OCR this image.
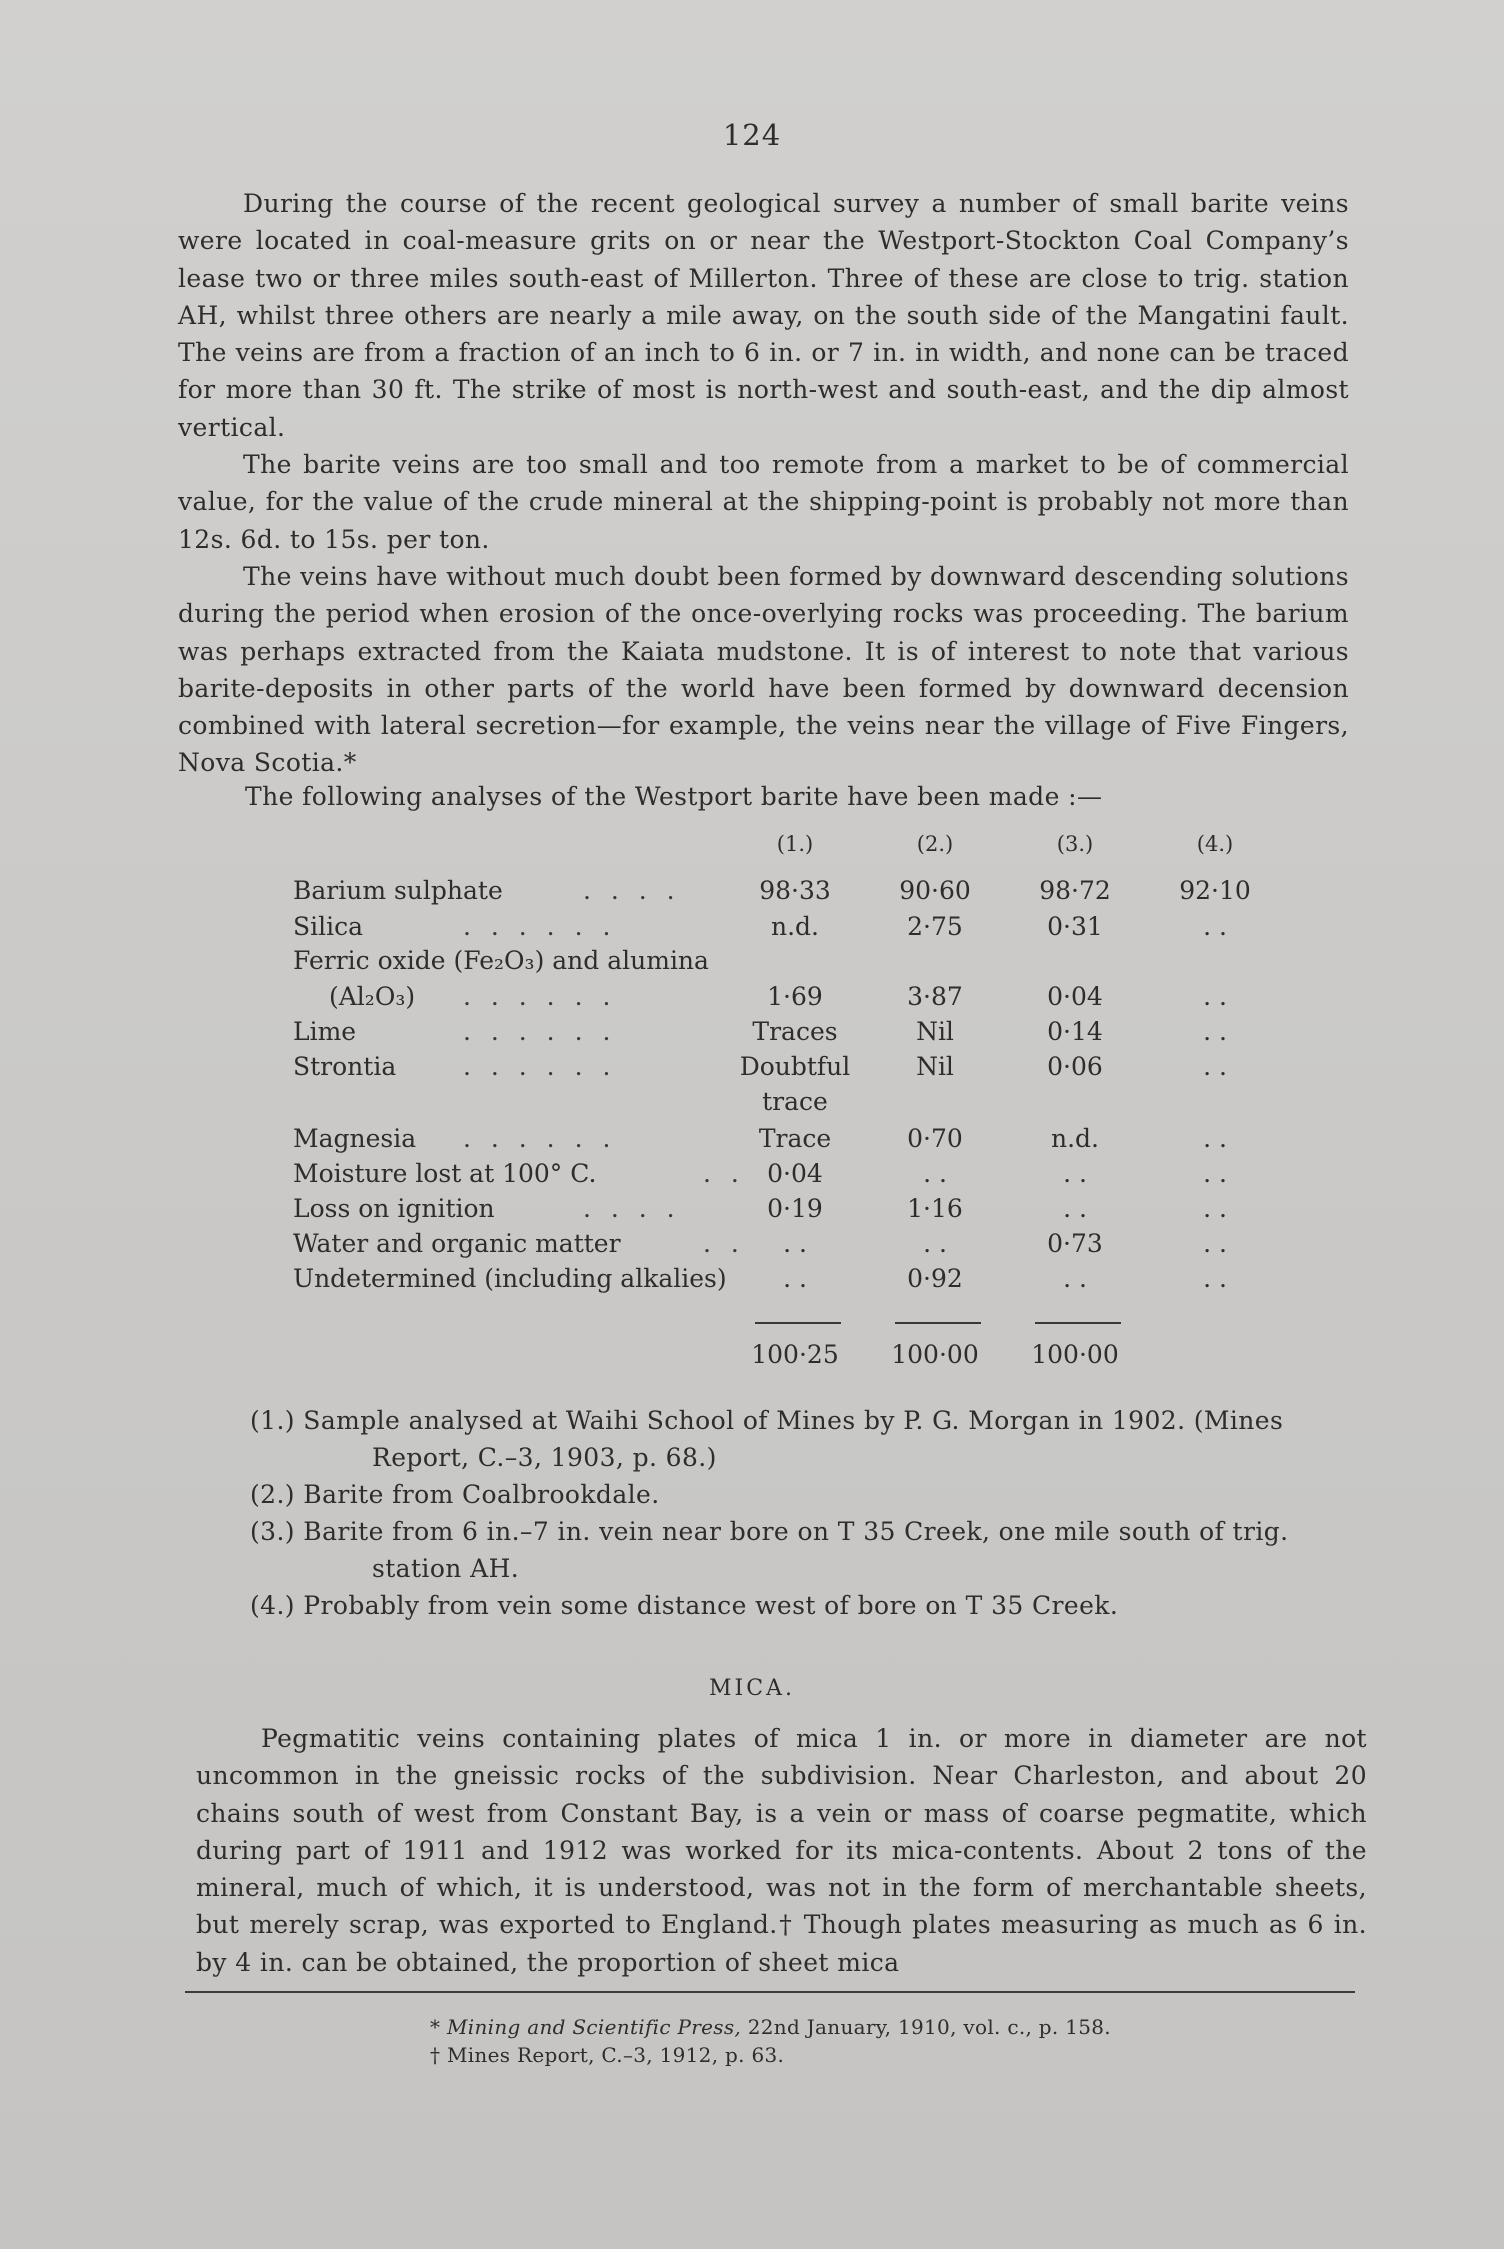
124

During the course of the recent geological survey a number of small barite veins were located in coal-measure grits on or near the Westport-Stockton Coal Company’s lease two or three miles south-east of Millerton. Three of these are close to trig. station AH, whilst three others are nearly a mile away, on the south side of the Mangatini fault. The veins are from a fraction of an inch to 6 in. or 7 in. in width, and none can be traced for more than 30 ft. The strike of most is north-west and south-east, and the dip almost vertical.

The barite veins are too small and too remote from a market to be of commercial value, for the value of the crude mineral at the shipping-point is probably not more than 12s. 6d. to 15s. per ton.

The veins have without much doubt been formed by downward descending solutions during the period when erosion of the once-overlying rocks was proceeding. The barium was perhaps extracted from the Kaiata mudstone. It is of interest to note that various barite-deposits in other parts of the world have been formed by downward decension combined with lateral secretion—for example, the veins near the village of Five Fingers, Nova Scotia.*

The following analyses of the Westport barite have been made :—
(1.)	(2.)	(3.)	(4.)
Barium sulphate	. . . .	98·33	90·60	98·72	92·10
Silica	. . . . . .	n.d.	2·75	0·31	. .
Ferric oxide (Fe₂O₃) and alumina
(Al₂O₃) . . . . . .	1·69	3·87	0·04	. .
Lime	. . . . . .	Traces	Nil	0·14	. .
Strontia	. . . . . .	Doubtful	Nil	0·06	. .
trace
Magnesia . . . . . .	Trace	0·70	n.d.	. .
Moisture lost at 100° C.	. . 0·04	. .	. .	. .
Loss on ignition	. . . .	0·19	1·16	. .	. .
Water and organic matter	. .	. .	. .	0·73	. .
Undetermined (including alkalies)	. .	0·92	. .	. .
100·25	100·00	100·00
(1.) Sample analysed at Waihi School of Mines by P. G. Morgan in 1902. (Mines Report, C.–3, 1903, p. 68.)
(2.) Barite from Coalbrookdale.
(3.) Barite from 6 in.–7 in. vein near bore on T 35 Creek, one mile south of trig. station AH.
(4.) Probably from vein some distance west of bore on T 35 Creek.
MICA.

Pegmatitic veins containing plates of mica 1 in. or more in diameter are not uncommon in the gneissic rocks of the subdivision. Near Charleston, and about 20 chains south of west from Constant Bay, is a vein or mass of coarse pegmatite, which during part of 1911 and 1912 was worked for its mica-contents. About 2 tons of the mineral, much of which, it is understood, was not in the form of merchantable sheets, but merely scrap, was exported to England.† Though plates measuring as much as 6 in. by 4 in. can be obtained, the proportion of sheet mica

* Mining and Scientific Press, 22nd January, 1910, vol. c., p. 158.
† Mines Report, C.–3, 1912, p. 63.
